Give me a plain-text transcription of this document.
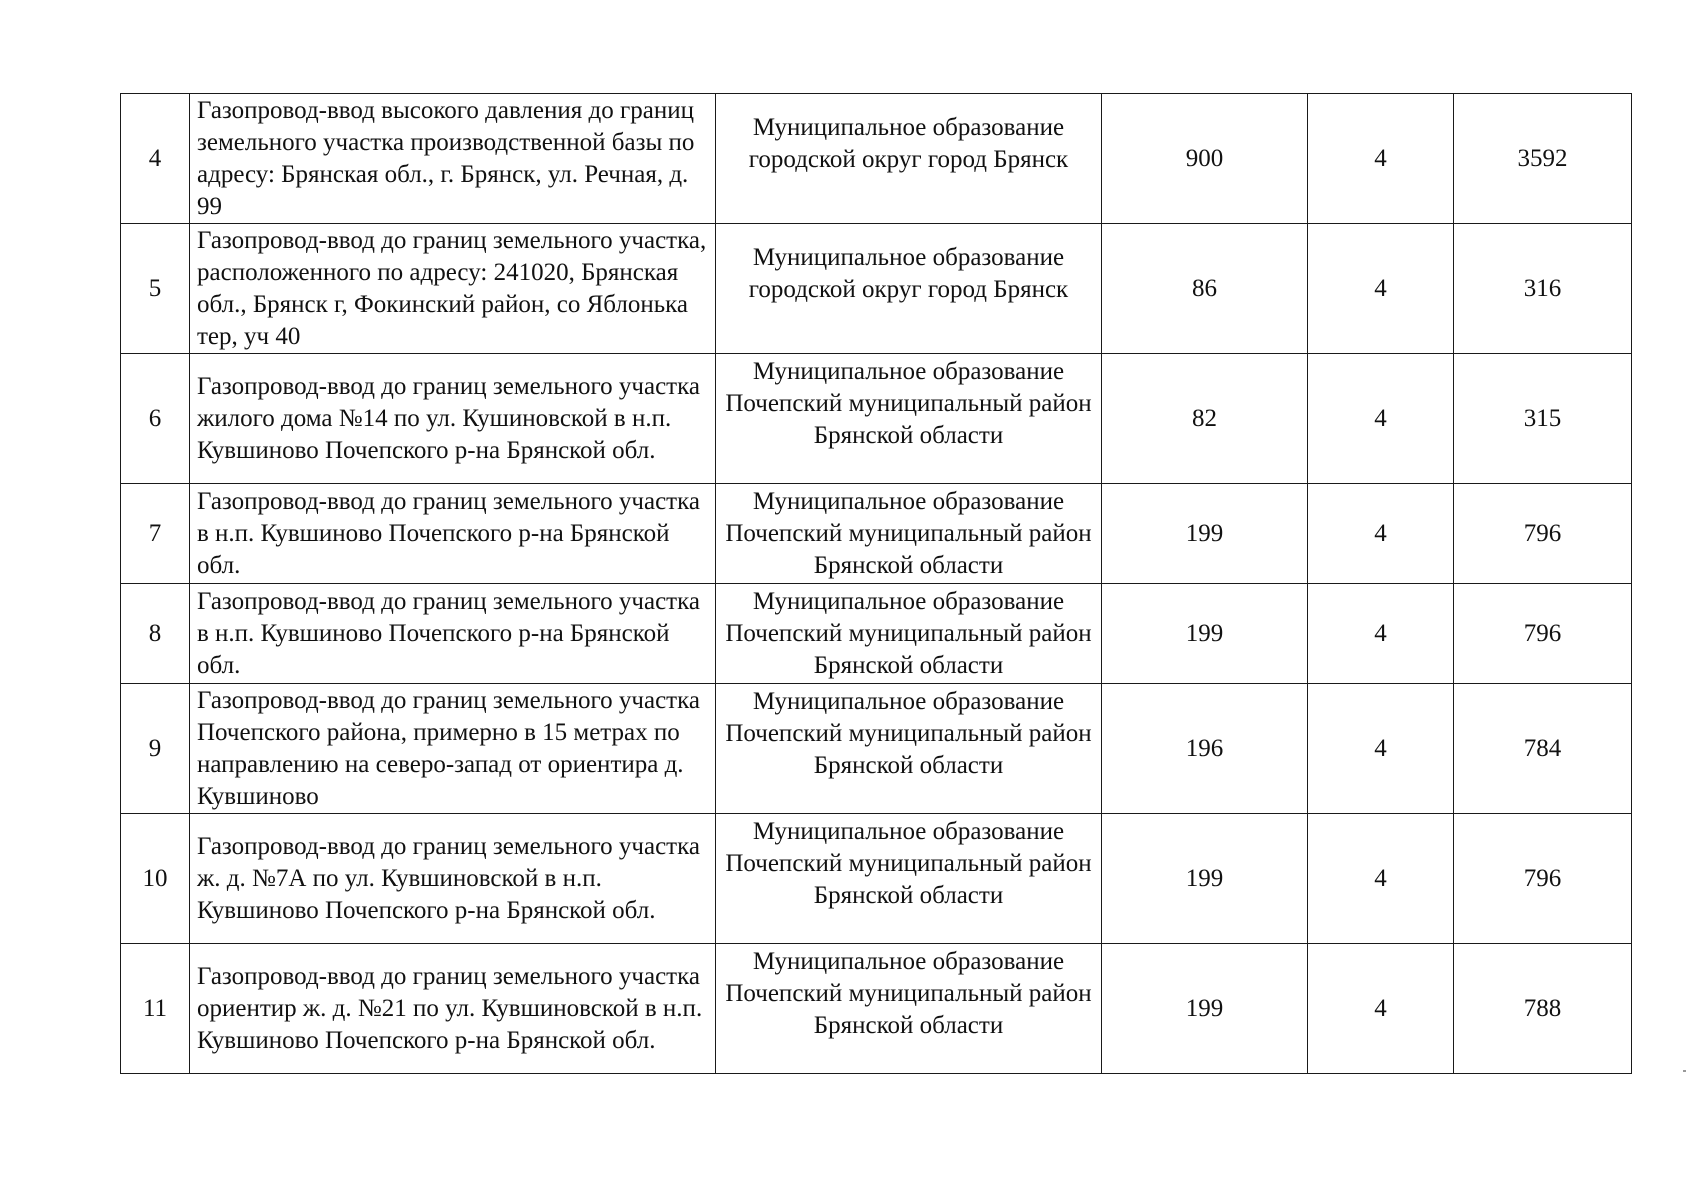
4	Газопровод-ввод высокого давления до границ земельного участка производственной базы по адресу: Брянская обл., г. Брянск, ул. Речная, д. 99	Муниципальное образование городской округ город Брянск	900	4	3592
5	Газопровод-ввод до границ земельного участка, расположенного по адресу: 241020, Брянская обл., Брянск г, Фокинский район, со Яблонька тер, уч 40	Муниципальное образование городской округ город Брянск	86	4	316
6	Газопровод-ввод до границ земельного участка жилого дома №14 по ул. Кушиновской в н.п. Кувшиново Почепского р-на Брянской обл.	Муниципальное образование Почепский муниципальный район Брянской области	82	4	315
7	Газопровод-ввод до границ земельного участка в н.п. Кувшиново Почепского р-на Брянской обл.	Муниципальное образование Почепский муниципальный район Брянской области	199	4	796
8	Газопровод-ввод до границ земельного участка в н.п. Кувшиново Почепского р-на Брянской обл.	Муниципальное образование Почепский муниципальный район Брянской области	199	4	796
9	Газопровод-ввод до границ земельного участка Почепского района, примерно в 15 метрах по направлению на северо-запад от ориентира д. Кувшиново	Муниципальное образование Почепский муниципальный район Брянской области	196	4	784
10	Газопровод-ввод до границ земельного участка ж. д. №7А по ул. Кувшиновской в н.п. Кувшиново Почепского р-на Брянской обл.	Муниципальное образование Почепский муниципальный район Брянской области	199	4	796
11	Газопровод-ввод до границ земельного участка ориентир ж. д. №21 по ул. Кувшиновской в н.п. Кувшиново Почепского р-на Брянской обл.	Муниципальное образование Почепский муниципальный район Брянской области	199	4	788
